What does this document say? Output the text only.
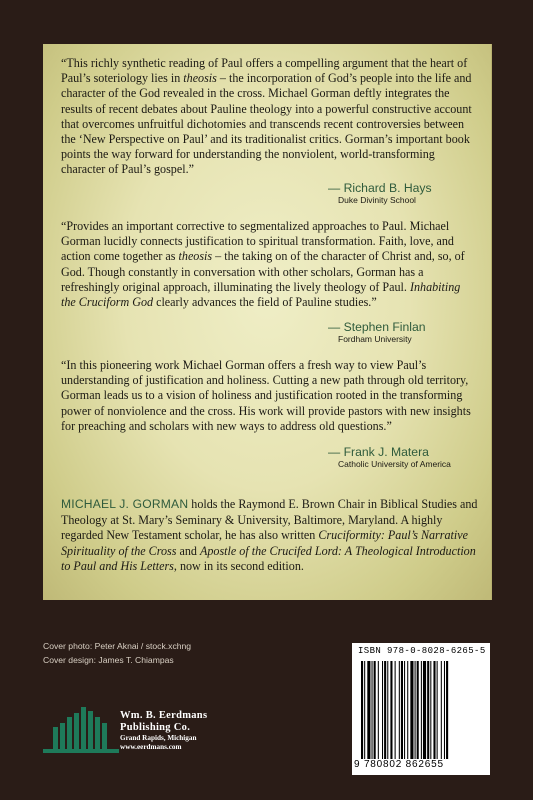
“This richly synthetic reading of Paul offers a compelling argument that the heart of Paul’s soteriology lies in theosis – the incorporation of God’s people into the life and character of the God revealed in the cross. Michael Gorman deftly integrates the results of recent debates about Pauline theology into a powerful constructive account that overcomes unfruitful dichotomies and transcends recent controversies between the ‘New Perspective on Paul’ and its traditionalist critics. Gorman’s important book points the way forward for understanding the nonviolent, world-transforming character of Paul’s gospel.”

— Richard B. Hays
Duke Divinity School

“Provides an important corrective to segmentalized approaches to Paul. Michael Gorman lucidly connects justification to spiritual transformation. Faith, love, and action come together as theosis – the taking on of the character of Christ and, so, of God. Though constantly in conversation with other scholars, Gorman has a refreshingly original approach, illuminating the lively theology of Paul. Inhabiting the Cruciform God clearly advances the field of Pauline studies.”

— Stephen Finlan
Fordham University

“In this pioneering work Michael Gorman offers a fresh way to view Paul’s understanding of justification and holiness. Cutting a new path through old territory, Gorman leads us to a vision of holiness and justification rooted in the transforming power of nonviolence and the cross. His work will provide pastors with new insights for preaching and scholars with new ways to address old questions.”

— Frank J. Matera
Catholic University of America

MICHAEL J. GORMAN holds the Raymond E. Brown Chair in Biblical Studies and Theology at St. Mary’s Seminary & University, Baltimore, Maryland. A highly regarded New Testament scholar, he has also written Cruciformity: Paul’s Narrative Spirituality of the Cross and Apostle of the Crucifed Lord: A Theological Introduction to Paul and His Letters, now in its second edition.

Cover photo: Peter Aknai / stock.xchng
Cover design: James T. Chiampas
Wm. B. Eerdmans
Publishing Co.
Grand Rapids, Michigan
www.eerdmans.com
ISBN 978-0-8028-6265-5
9 780802 862655
